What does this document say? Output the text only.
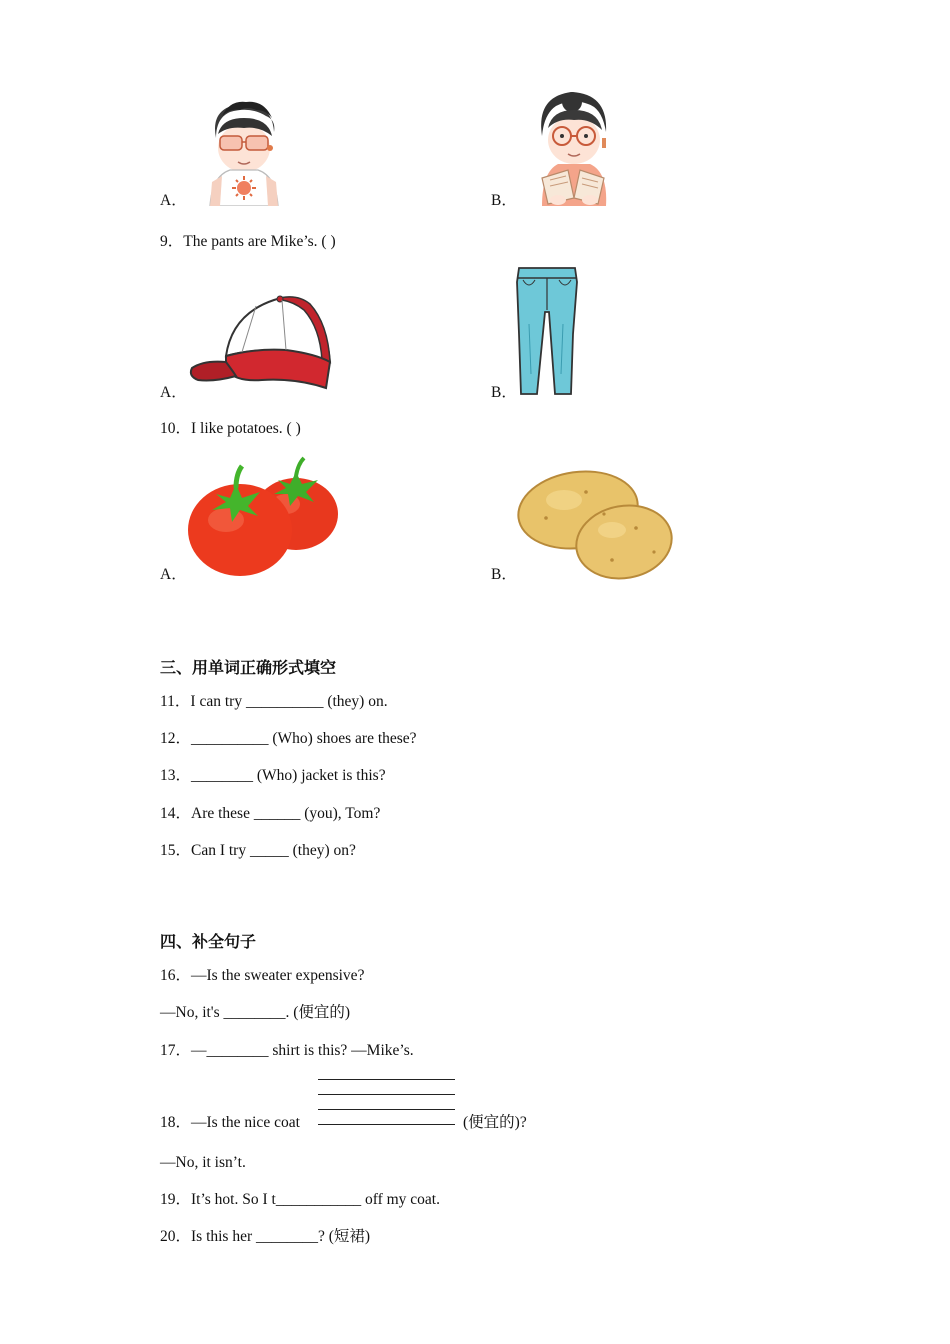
A．	B．
9．The pants are Mike’s. ( )
A．	B．
10．I like potatoes. ( )
A．	B．
三、用单词正确形式填空
11．I can try __________ (they) on.
12．__________ (Who) shoes are these?
13．________ (Who) jacket is this?
14．Are these ______ (you), Tom?
15．Can I try _____ (they) on?
四、补全句子
16．—Is the sweater expensive?
—No, it's ________. (便宜的)
17．—________ shirt is this? —Mike’s.
18．—Is the nice coat	(便宜的)?
—No, it isn’t.
19．It’s hot. So I t___________ off my coat.
20．Is this her ________? (短裙)
